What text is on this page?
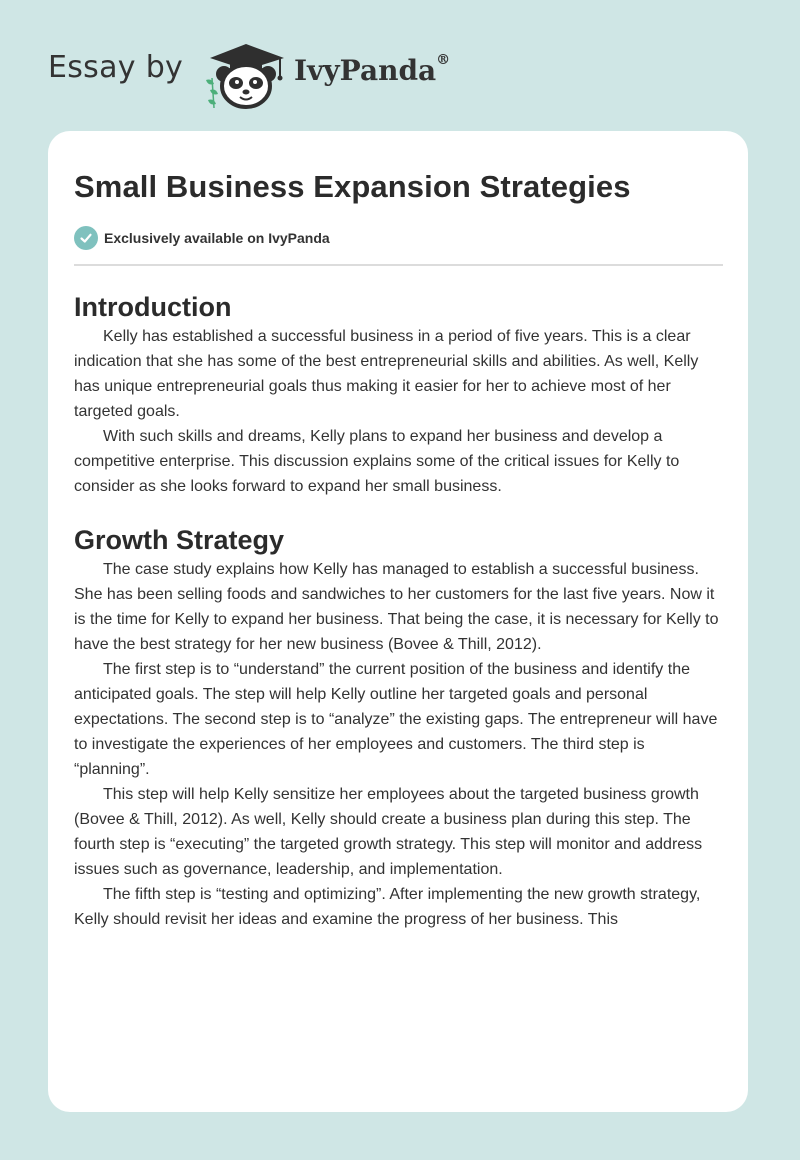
Essay by	IvyPanda®
Small Business Expansion Strategies
Exclusively available on IvyPanda
Introduction

Kelly has established a successful business in a period of five years. This is a clear indication that she has some of the best entrepreneurial skills and abilities. As well, Kelly has unique entrepreneurial goals thus making it easier for her to achieve most of her targeted goals.

With such skills and dreams, Kelly plans to expand her business and develop a competitive enterprise. This discussion explains some of the critical issues for Kelly to consider as she looks forward to expand her small business.

Growth Strategy

The case study explains how Kelly has managed to establish a successful business. She has been selling foods and sandwiches to her customers for the last five years. Now it is the time for Kelly to expand her business. That being the case, it is necessary for Kelly to have the best strategy for her new business (Bovee & Thill, 2012).

The first step is to “understand” the current position of the business and identify the anticipated goals. The step will help Kelly outline her targeted goals and personal expectations. The second step is to “analyze” the existing gaps. The entrepreneur will have to investigate the experiences of her employees and customers. The third step is “planning”.

This step will help Kelly sensitize her employees about the targeted business growth (Bovee & Thill, 2012). As well, Kelly should create a business plan during this step. The fourth step is “executing” the targeted growth strategy. This step will monitor and address issues such as governance, leadership, and implementation.

The fifth step is “testing and optimizing”. After implementing the new growth strategy, Kelly should revisit her ideas and examine the progress of her business. This
